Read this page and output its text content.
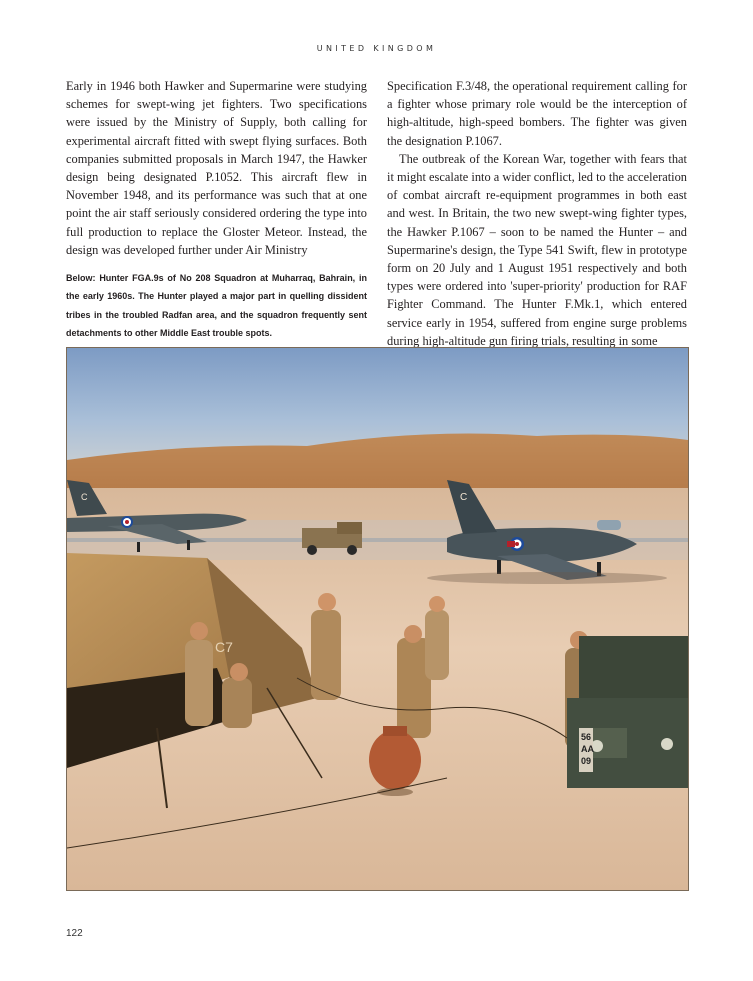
UNITED KINGDOM

Early in 1946 both Hawker and Supermarine were studying schemes for swept-wing jet fighters. Two specifications were issued by the Ministry of Supply, both calling for experimental aircraft fitted with swept flying surfaces. Both companies submitted proposals in March 1947, the Hawker design being designated P.1052. This aircraft flew in November 1948, and its performance was such that at one point the air staff seriously considered ordering the type into full production to replace the Gloster Meteor. Instead, the design was developed further under Air Ministry

Below: Hunter FGA.9s of No 208 Squadron at Muharraq, Bahrain, in the early 1960s. The Hunter played a major part in quelling dissident tribes in the troubled Radfan area, and the squadron frequently sent detachments to other Middle East trouble spots.

Specification F.3/48, the operational requirement calling for a fighter whose primary role would be the interception of high-altitude, high-speed bombers. The fighter was given the designation P.1067.

The outbreak of the Korean War, together with fears that it might escalate into a wider conflict, led to the acceleration of combat aircraft re-equipment programmes in both east and west. In Britain, the two new swept-wing fighter types, the Hawker P.1067 – soon to be named the Hunter – and Supermarine's design, the Type 541 Swift, flew in prototype form on 20 July and 1 August 1951 respectively and both types were ordered into 'super-priority' production for RAF Fighter Command. The Hunter F.Mk.1, which entered service early in 1954, suffered from engine surge problems during high-altitude gun firing trials, resulting in some

C	C
C7
56
AA
09
122
